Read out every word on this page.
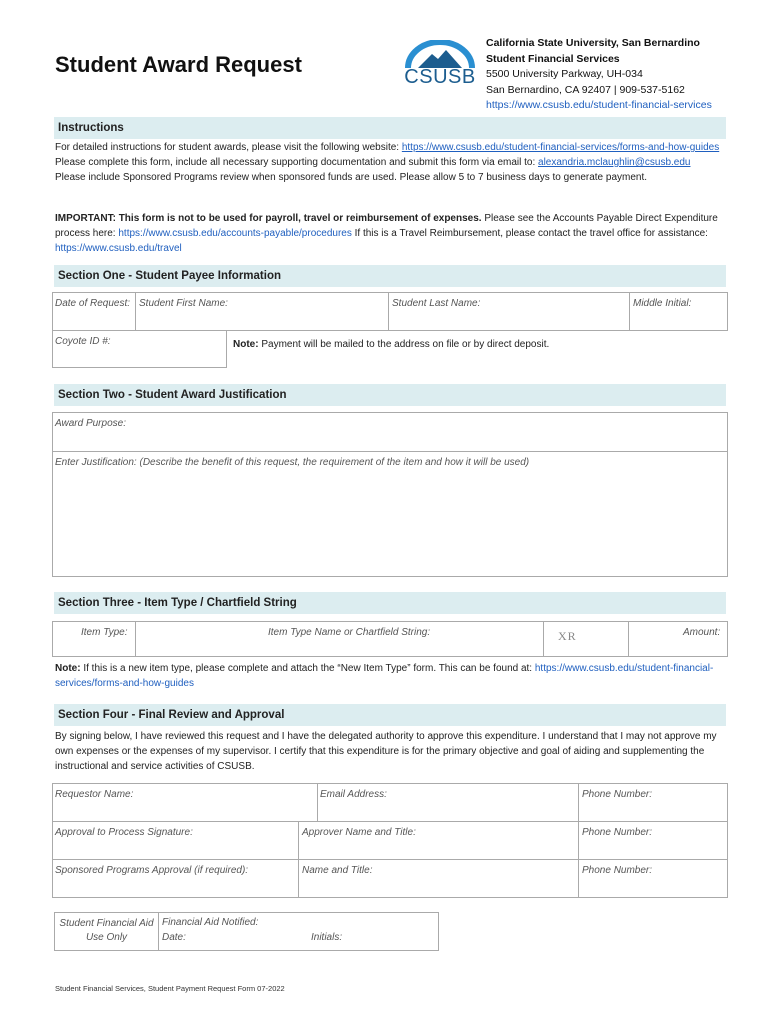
Student Award Request	CSUSB
California State University, San Bernardino
Student Financial Services
5500 University Parkway, UH-034
San Bernardino, CA 92407 | 909-537-5162
https://www.csusb.edu/student-financial-services
Instructions
For detailed instructions for student awards, please visit the following website: https://www.csusb.edu/student-financial-services/forms-and-how-guides Please complete this form, include all necessary supporting documentation and submit this form via email to: alexandria.mclaughlin@csusb.edu Please include Sponsored Programs review when sponsored funds are used. Please allow 5 to 7 business days to generate payment.
IMPORTANT: This form is not to be used for payroll, travel or reimbursement of expenses. Please see the Accounts Payable Direct Expenditure process here: https://www.csusb.edu/accounts-payable/procedures If this is a Travel Reimbursement, please contact the travel office for assistance: https://www.csusb.edu/travel
Section One - Student Payee Information
Date of Request: Student First Name:	Student Last Name:	Middle Initial:
Coyote ID #:	Note: Payment will be mailed to the address on file or by direct deposit.
Section Two - Student Award Justification
Award Purpose:
Enter Justification: (Describe the benefit of this request, the requirement of the item and how it will be used)
Section Three - Item Type / Chartfield String
Item Type:	Item Type Name or Chartfield String:	XR	Amount:
Note: If this is a new item type, please complete and attach the “New Item Type” form. This can be found at: https://www.csusb.edu/student-financial-services/forms-and-how-guides
Section Four - Final Review and Approval
By signing below, I have reviewed this request and I have the delegated authority to approve this expenditure. I understand that I may not approve my own expenses or the expenses of my supervisor. I certify that this expenditure is for the primary objective and goal of aiding and supplementing the instructional and service activities of CSUSB.
Requestor Name:	Email Address:	Phone Number:
Approval to Process Signature:	Approver Name and Title:	Phone Number:
Sponsored Programs Approval (if required):	Name and Title:	Phone Number:
Student Financial Aid
Use Only
Financial Aid Notified:
Date:	Initials:
Student Financial Services, Student Payment Request Form 07-2022
